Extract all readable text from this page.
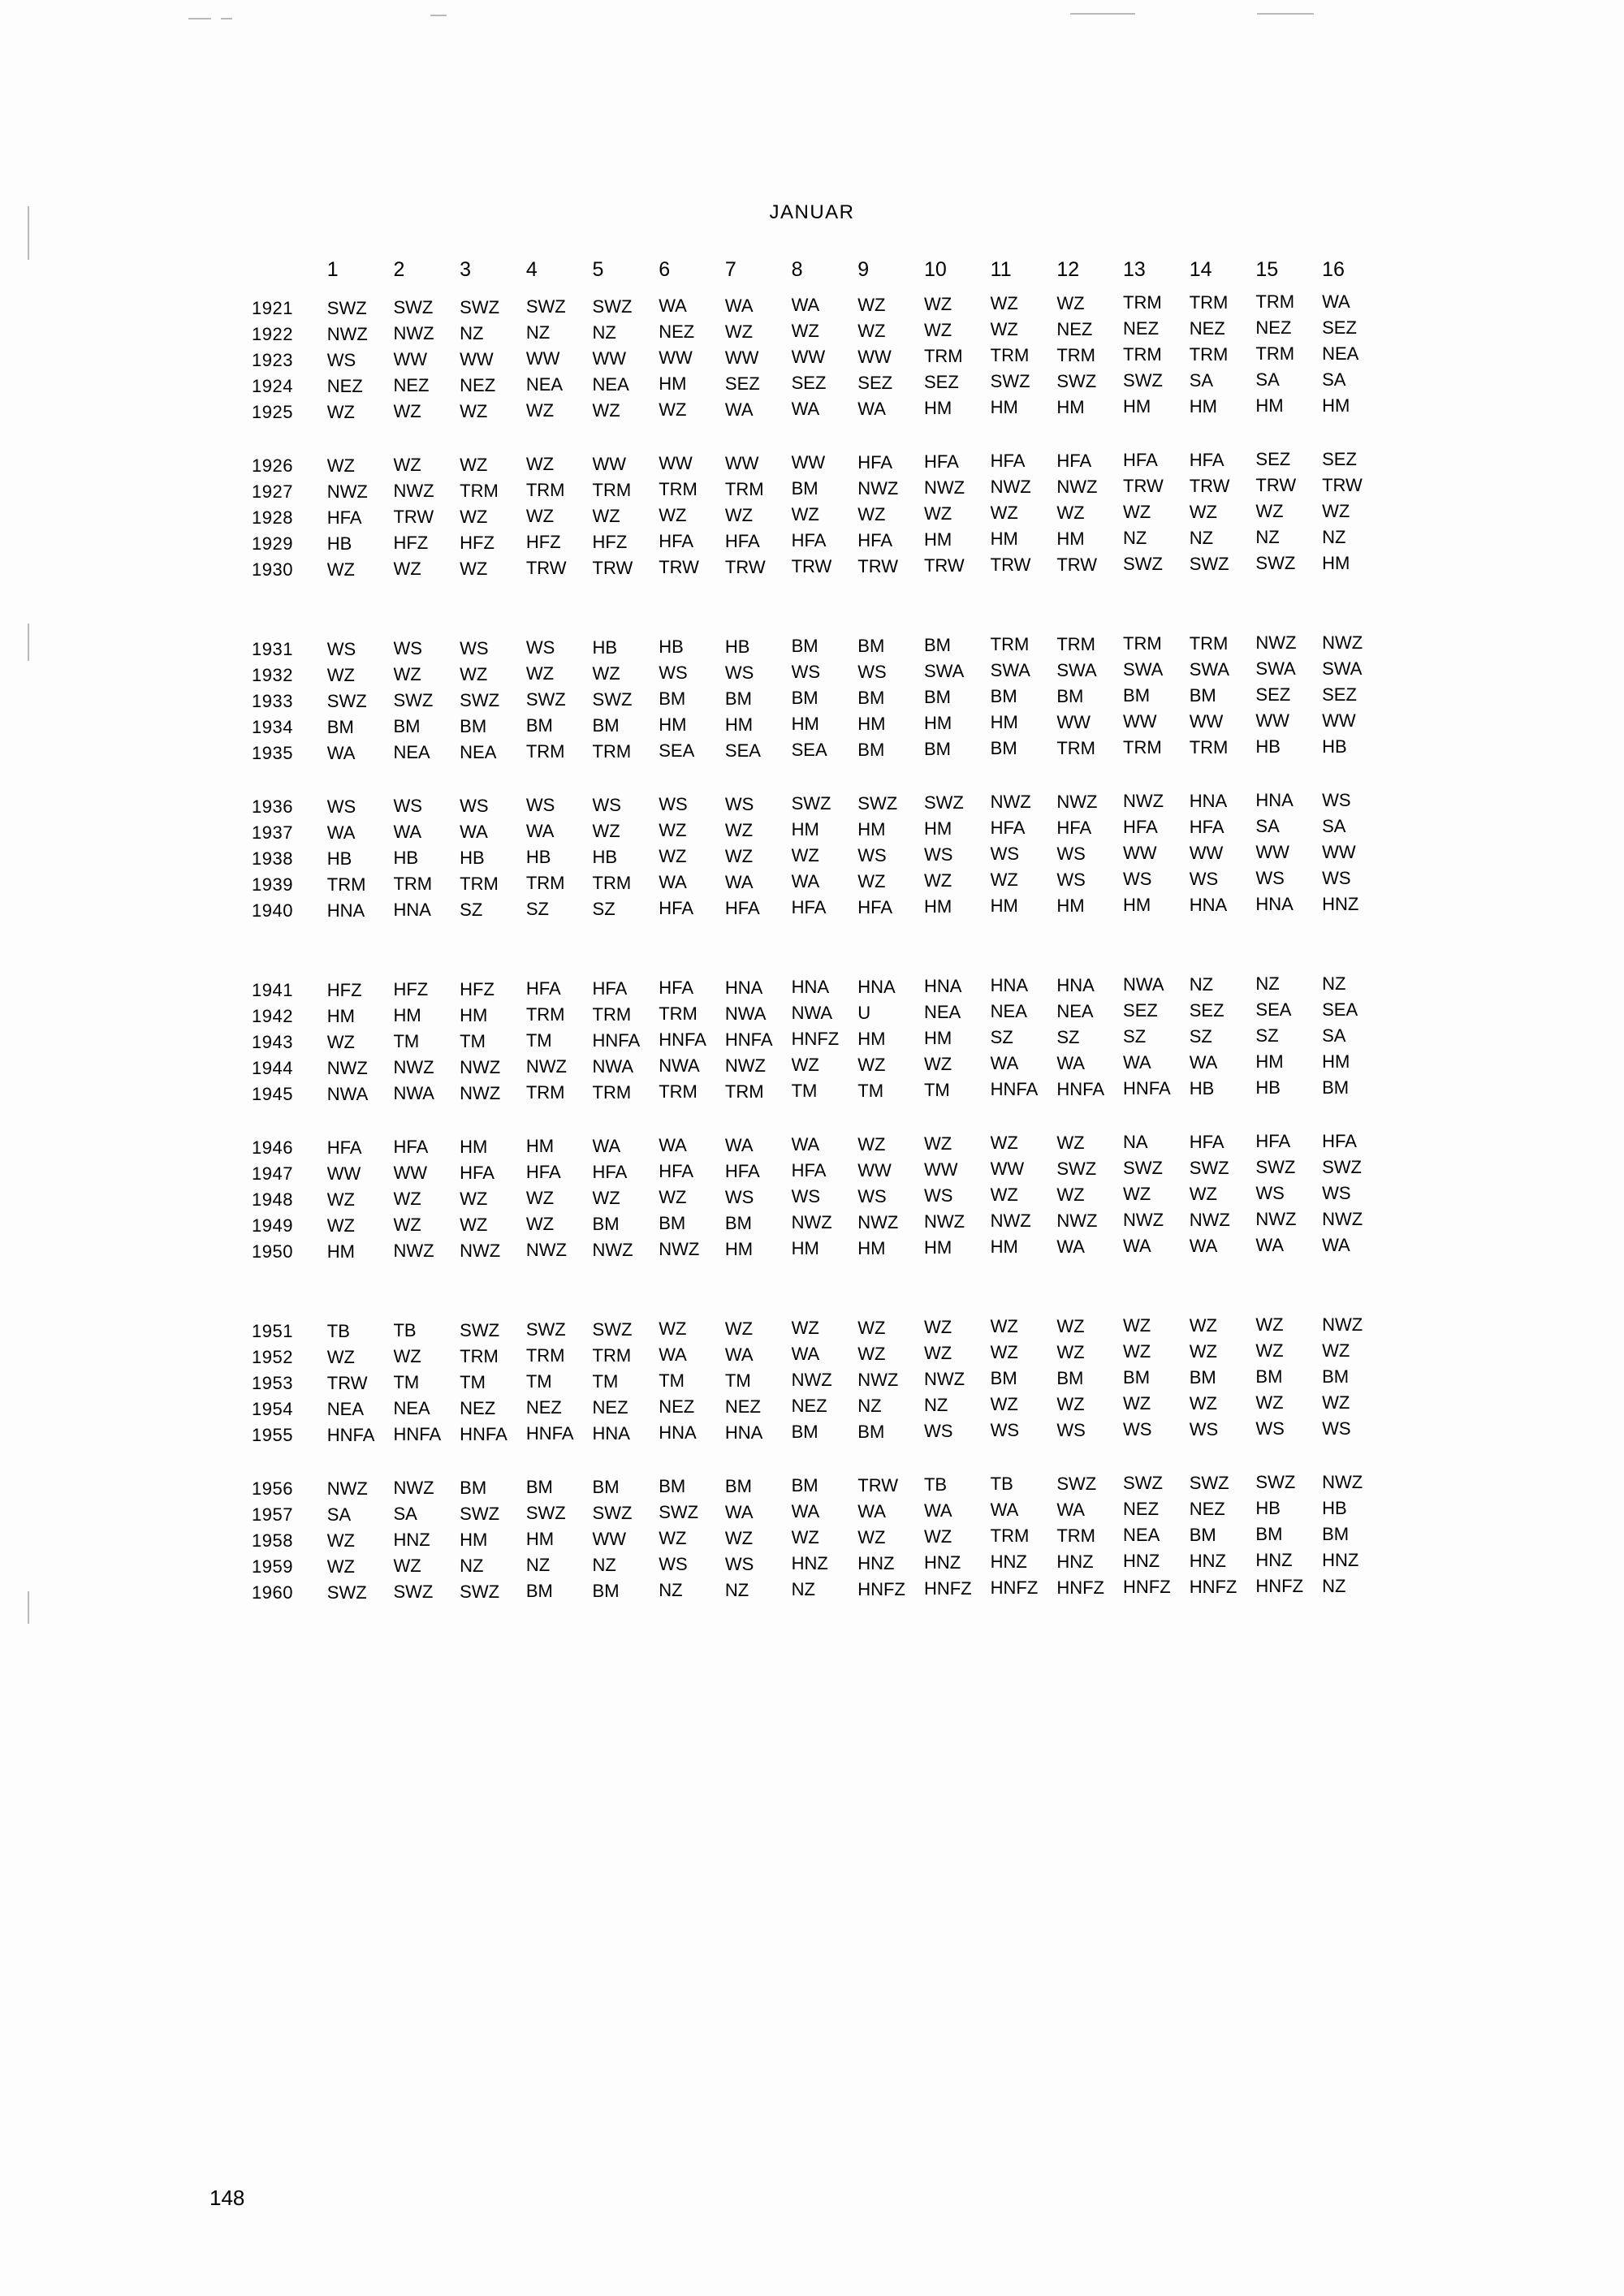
JANUAR
	1	2	3	4	5	6	7	8	9	10	11	12	13	14	15	16
1921	SWZ	SWZ	SWZ	SWZ	SWZ	WA	WA	WA	WZ	WZ	WZ	WZ	TRM	TRM	TRM	WA
1922	NWZ	NWZ	NZ	NZ	NZ	NEZ	WZ	WZ	WZ	WZ	WZ	NEZ	NEZ	NEZ	NEZ	SEZ
1923	WS	WW	WW	WW	WW	WW	WW	WW	WW	TRM	TRM	TRM	TRM	TRM	TRM	NEA
1924	NEZ	NEZ	NEZ	NEA	NEA	HM	SEZ	SEZ	SEZ	SEZ	SWZ	SWZ	SWZ	SA	SA	SA
1925	WZ	WZ	WZ	WZ	WZ	WZ	WA	WA	WA	HM	HM	HM	HM	HM	HM	HM

1926	WZ	WZ	WZ	WZ	WW	WW	WW	WW	HFA	HFA	HFA	HFA	HFA	HFA	SEZ	SEZ
1927	NWZ	NWZ	TRM	TRM	TRM	TRM	TRM	BM	NWZ	NWZ	NWZ	NWZ	TRW	TRW	TRW	TRW
1928	HFA	TRW	WZ	WZ	WZ	WZ	WZ	WZ	WZ	WZ	WZ	WZ	WZ	WZ	WZ	WZ
1929	HB	HFZ	HFZ	HFZ	HFZ	HFA	HFA	HFA	HFA	HM	HM	HM	NZ	NZ	NZ	NZ
1930	WZ	WZ	WZ	TRW	TRW	TRW	TRW	TRW	TRW	TRW	TRW	TRW	SWZ	SWZ	SWZ	HM

1931	WS	WS	WS	WS	HB	HB	HB	BM	BM	BM	TRM	TRM	TRM	TRM	NWZ	NWZ
1932	WZ	WZ	WZ	WZ	WZ	WS	WS	WS	WS	SWA	SWA	SWA	SWA	SWA	SWA	SWA
1933	SWZ	SWZ	SWZ	SWZ	SWZ	BM	BM	BM	BM	BM	BM	BM	BM	BM	SEZ	SEZ
1934	BM	BM	BM	BM	BM	HM	HM	HM	HM	HM	HM	WW	WW	WW	WW	WW
1935	WA	NEA	NEA	TRM	TRM	SEA	SEA	SEA	BM	BM	BM	TRM	TRM	TRM	HB	HB

1936	WS	WS	WS	WS	WS	WS	WS	SWZ	SWZ	SWZ	NWZ	NWZ	NWZ	HNA	HNA	WS
1937	WA	WA	WA	WA	WZ	WZ	WZ	HM	HM	HM	HFA	HFA	HFA	HFA	SA	SA
1938	HB	HB	HB	HB	HB	WZ	WZ	WZ	WS	WS	WS	WS	WW	WW	WW	WW
1939	TRM	TRM	TRM	TRM	TRM	WA	WA	WA	WZ	WZ	WZ	WS	WS	WS	WS	WS
1940	HNA	HNA	SZ	SZ	SZ	HFA	HFA	HFA	HFA	HM	HM	HM	HM	HNA	HNA	HNZ

1941	HFZ	HFZ	HFZ	HFA	HFA	HFA	HNA	HNA	HNA	HNA	HNA	HNA	NWA	NZ	NZ	NZ
1942	HM	HM	HM	TRM	TRM	TRM	NWA	NWA	U	NEA	NEA	NEA	SEZ	SEZ	SEA	SEA
1943	WZ	TM	TM	TM	HNFA	HNFA	HNFA	HNFZ	HM	HM	SZ	SZ	SZ	SZ	SZ	SA
1944	NWZ	NWZ	NWZ	NWZ	NWA	NWA	NWZ	WZ	WZ	WZ	WA	WA	WA	WA	HM	HM
1945	NWA	NWA	NWZ	TRM	TRM	TRM	TRM	TM	TM	TM	HNFA	HNFA	HNFA	HB	HB	BM

1946	HFA	HFA	HM	HM	WA	WA	WA	WA	WZ	WZ	WZ	WZ	NA	HFA	HFA	HFA
1947	WW	WW	HFA	HFA	HFA	HFA	HFA	HFA	WW	WW	WW	SWZ	SWZ	SWZ	SWZ	SWZ
1948	WZ	WZ	WZ	WZ	WZ	WZ	WS	WS	WS	WS	WZ	WZ	WZ	WZ	WS	WS
1949	WZ	WZ	WZ	WZ	BM	BM	BM	NWZ	NWZ	NWZ	NWZ	NWZ	NWZ	NWZ	NWZ	NWZ
1950	HM	NWZ	NWZ	NWZ	NWZ	NWZ	HM	HM	HM	HM	HM	WA	WA	WA	WA	WA

1951	TB	TB	SWZ	SWZ	SWZ	WZ	WZ	WZ	WZ	WZ	WZ	WZ	WZ	WZ	WZ	NWZ
1952	WZ	WZ	TRM	TRM	TRM	WA	WA	WA	WZ	WZ	WZ	WZ	WZ	WZ	WZ	WZ
1953	TRW	TM	TM	TM	TM	TM	TM	NWZ	NWZ	NWZ	BM	BM	BM	BM	BM	BM
1954	NEA	NEA	NEZ	NEZ	NEZ	NEZ	NEZ	NEZ	NZ	NZ	WZ	WZ	WZ	WZ	WZ	WZ
1955	HNFA	HNFA	HNFA	HNFA	HNA	HNA	HNA	BM	BM	WS	WS	WS	WS	WS	WS	WS

1956	NWZ	NWZ	BM	BM	BM	BM	BM	BM	TRW	TB	TB	SWZ	SWZ	SWZ	SWZ	NWZ
1957	SA	SA	SWZ	SWZ	SWZ	SWZ	WA	WA	WA	WA	WA	WA	NEZ	NEZ	HB	HB
1958	WZ	HNZ	HM	HM	WW	WZ	WZ	WZ	WZ	WZ	TRM	TRM	NEA	BM	BM	BM
1959	WZ	WZ	NZ	NZ	NZ	WS	WS	HNZ	HNZ	HNZ	HNZ	HNZ	HNZ	HNZ	HNZ	HNZ
1960	SWZ	SWZ	SWZ	BM	BM	NZ	NZ	NZ	HNFZ	HNFZ	HNFZ	HNFZ	HNFZ	HNFZ	HNFZ	NZ
148
